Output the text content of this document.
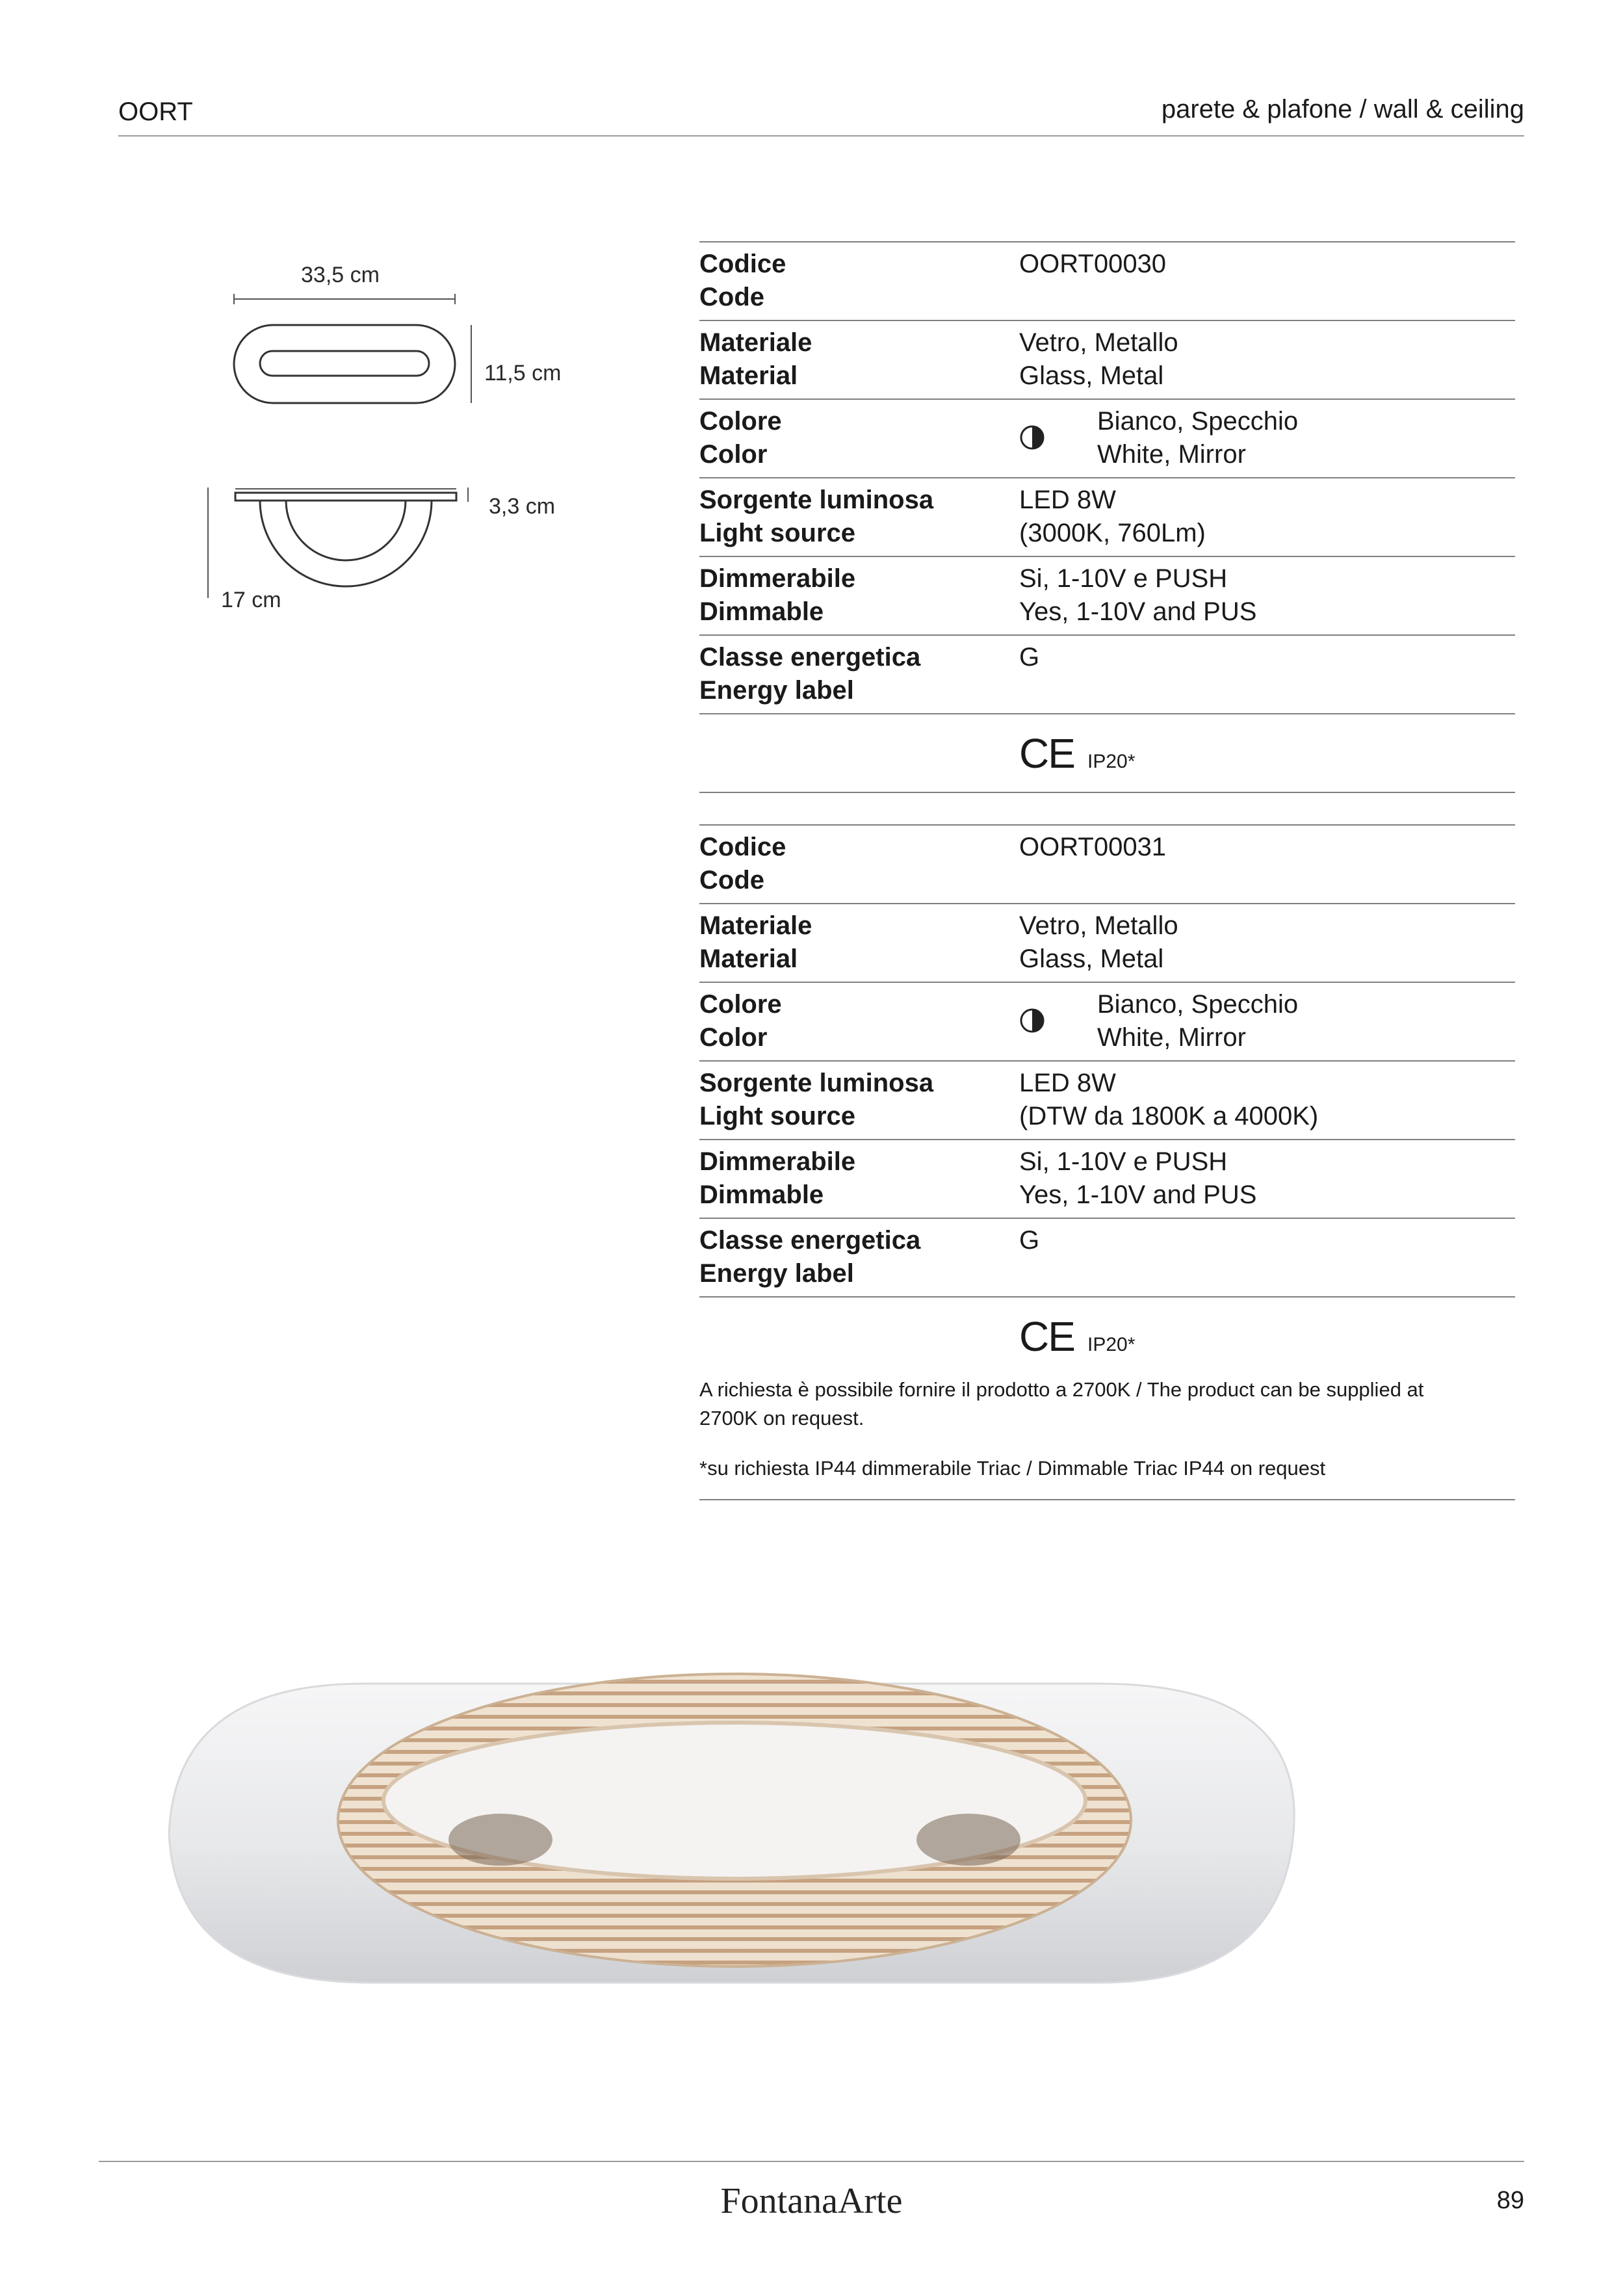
OORT	parete & plafone / wall & ceiling
33,5 cm
11,5 cm
3,3 cm
17 cm
Codice
Code
OORT00030
Materiale
Material
Vetro, Metallo
Glass, Metal
Colore
Color
Bianco, Specchio
White, Mirror
Sorgente luminosa
Light source
LED 8W
(3000K, 760Lm)
Dimmerabile
Dimmable
Si, 1-10V e PUSH
Yes, 1-10V and PUS
Classe energetica
Energy label
G
CE IP20*
Codice
Code
OORT00031
Materiale
Material
Vetro, Metallo
Glass, Metal
Colore
Color
Bianco, Specchio
White, Mirror
Sorgente luminosa
Light source
LED 8W
(DTW da 1800K a 4000K)
Dimmerabile
Dimmable
Si, 1-10V e PUSH
Yes, 1-10V and PUS
Classe energetica
Energy label
G
CE IP20*
A richiesta è possibile fornire il prodotto a 2700K / The product can be supplied at
2700K on request.
*su richiesta IP44 dimmerabile Triac / Dimmable Triac IP44 on request
FontanaArte	89
